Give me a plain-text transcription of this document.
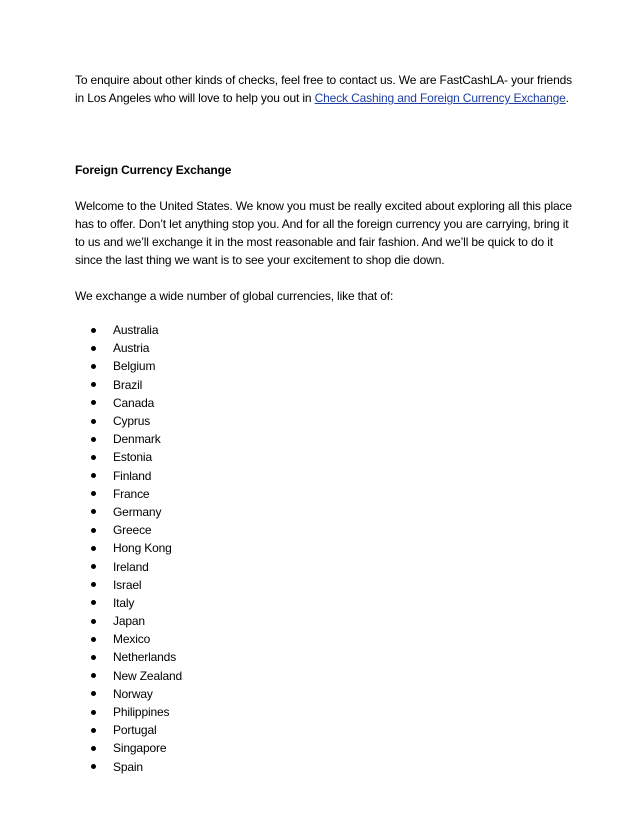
To enquire about other kinds of checks, feel free to contact us. We are FastCashLA- your friends in Los Angeles who will love to help you out in Check Cashing and Foreign Currency Exchange.

Foreign Currency Exchange

Welcome to the United States. We know you must be really excited about exploring all this place has to offer. Don’t let anything stop you. And for all the foreign currency you are carrying, bring it to us and we’ll exchange it in the most reasonable and fair fashion. And we’ll be quick to do it since the last thing we want is to see your excitement to shop die down.

We exchange a wide number of global currencies, like that of:

Australia
Austria
Belgium
Brazil
Canada
Cyprus
Denmark
Estonia
Finland
France
Germany
Greece
Hong Kong
Ireland
Israel
Italy
Japan
Mexico
Netherlands
New Zealand
Norway
Philippines
Portugal
Singapore
Spain
